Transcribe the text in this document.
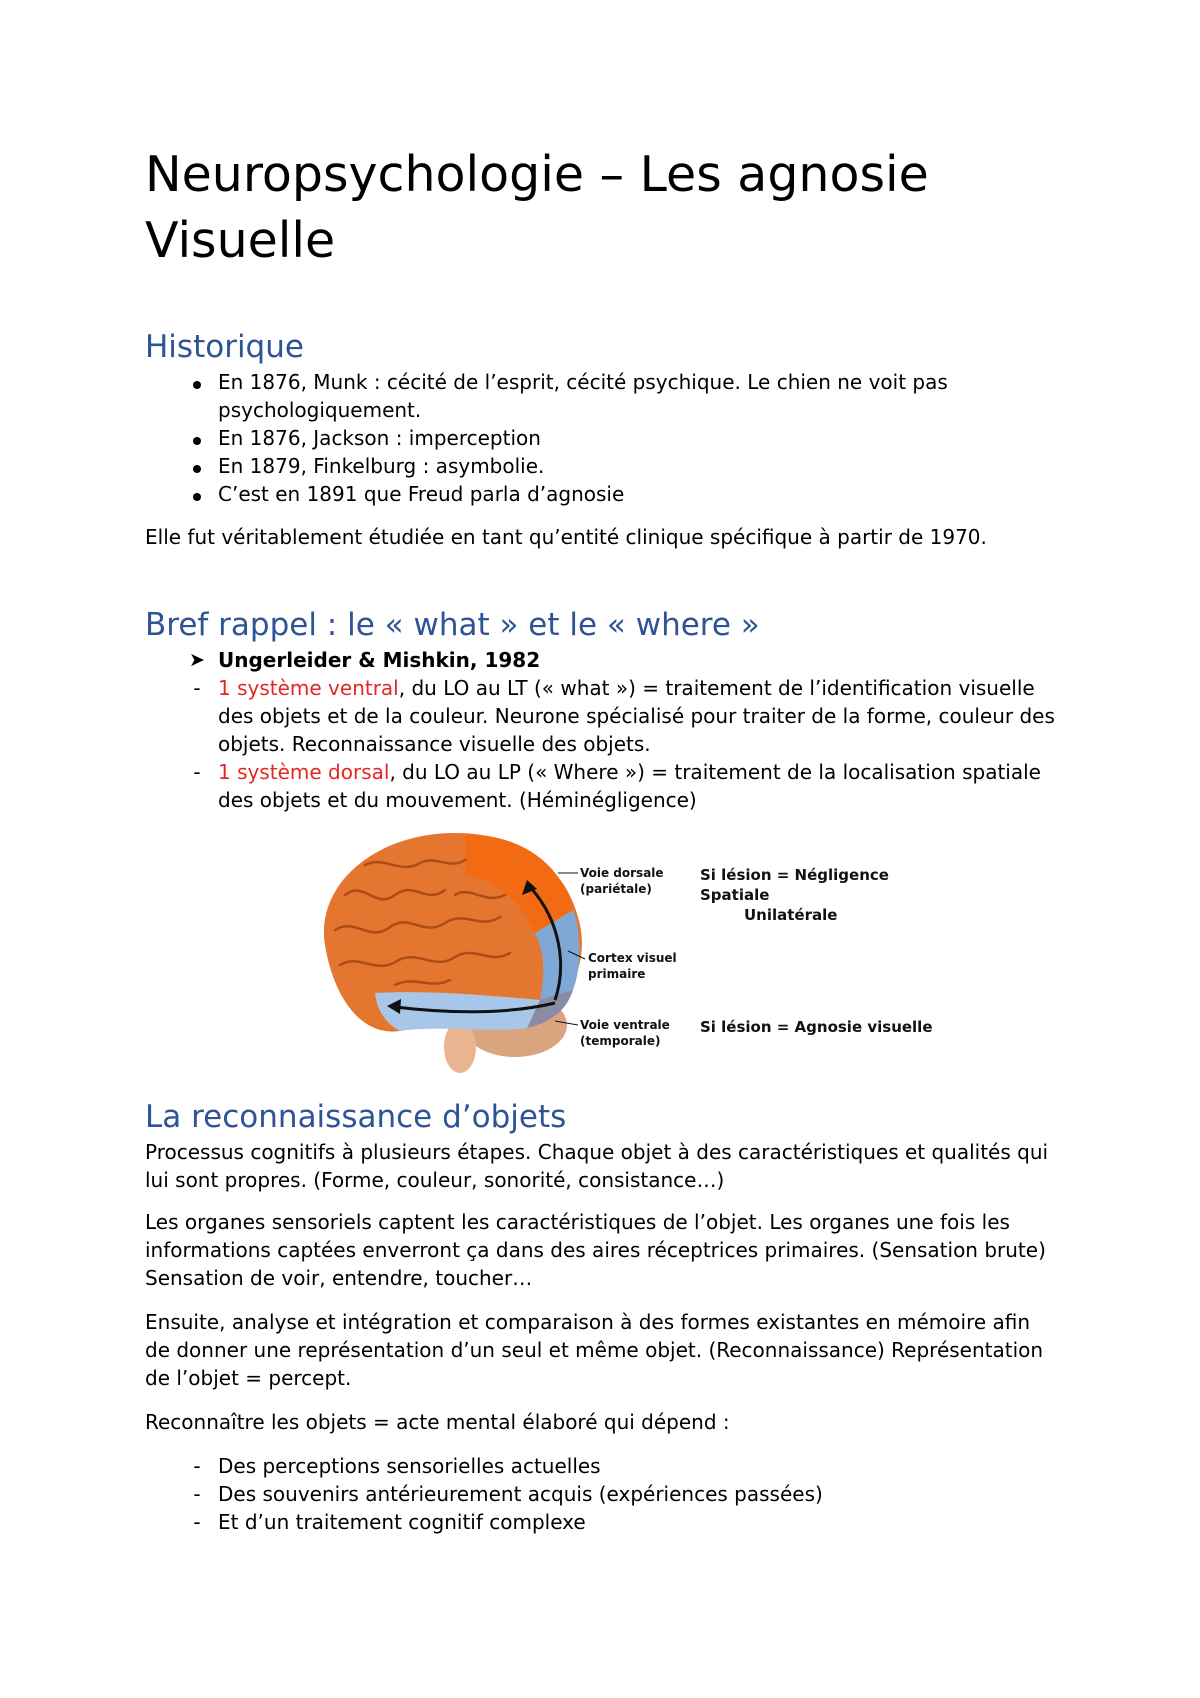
Neuropsychologie – Les agnosie Visuelle
Historique
En 1876, Munk : cécité de l’esprit, cécité psychique. Le chien ne voit pas psychologiquement.
En 1876, Jackson : imperception
En 1879, Finkelburg : asymbolie.
C’est en 1891 que Freud parla d’agnosie

Elle fut véritablement étudiée en tant qu’entité clinique spécifique à partir de 1970.

Bref rappel : le « what » et le « where »
➤ Ungerleider & Mishkin, 1982
- 1 système ventral, du LO au LT (« what ») = traitement de l’identification visuelle des objets et de la couleur. Neurone spécialisé pour traiter de la forme, couleur des objets. Reconnaissance visuelle des objets.
- 1 système dorsal, du LO au LP (« Where ») = traitement de la localisation spatiale des objets et du mouvement. (Héminégligence)
Voie dorsale
(pariétale)
Cortex visuel
primaire
Voie ventrale
(temporale)
Si lésion = Négligence Spatiale
Unilatérale
Si lésion = Agnosie visuelle
La reconnaissance d’objets

Processus cognitifs à plusieurs étapes. Chaque objet à des caractéristiques et qualités qui lui sont propres. (Forme, couleur, sonorité, consistance…)

Les organes sensoriels captent les caractéristiques de l’objet. Les organes une fois les informations captées enverront ça dans des aires réceptrices primaires. (Sensation brute) Sensation de voir, entendre, toucher…

Ensuite, analyse et intégration et comparaison à des formes existantes en mémoire afin de donner une représentation d’un seul et même objet. (Reconnaissance) Représentation de l’objet = percept.

Reconnaître les objets = acte mental élaboré qui dépend :

- Des perceptions sensorielles actuelles
- Des souvenirs antérieurement acquis (expériences passées)
- Et d’un traitement cognitif complexe
